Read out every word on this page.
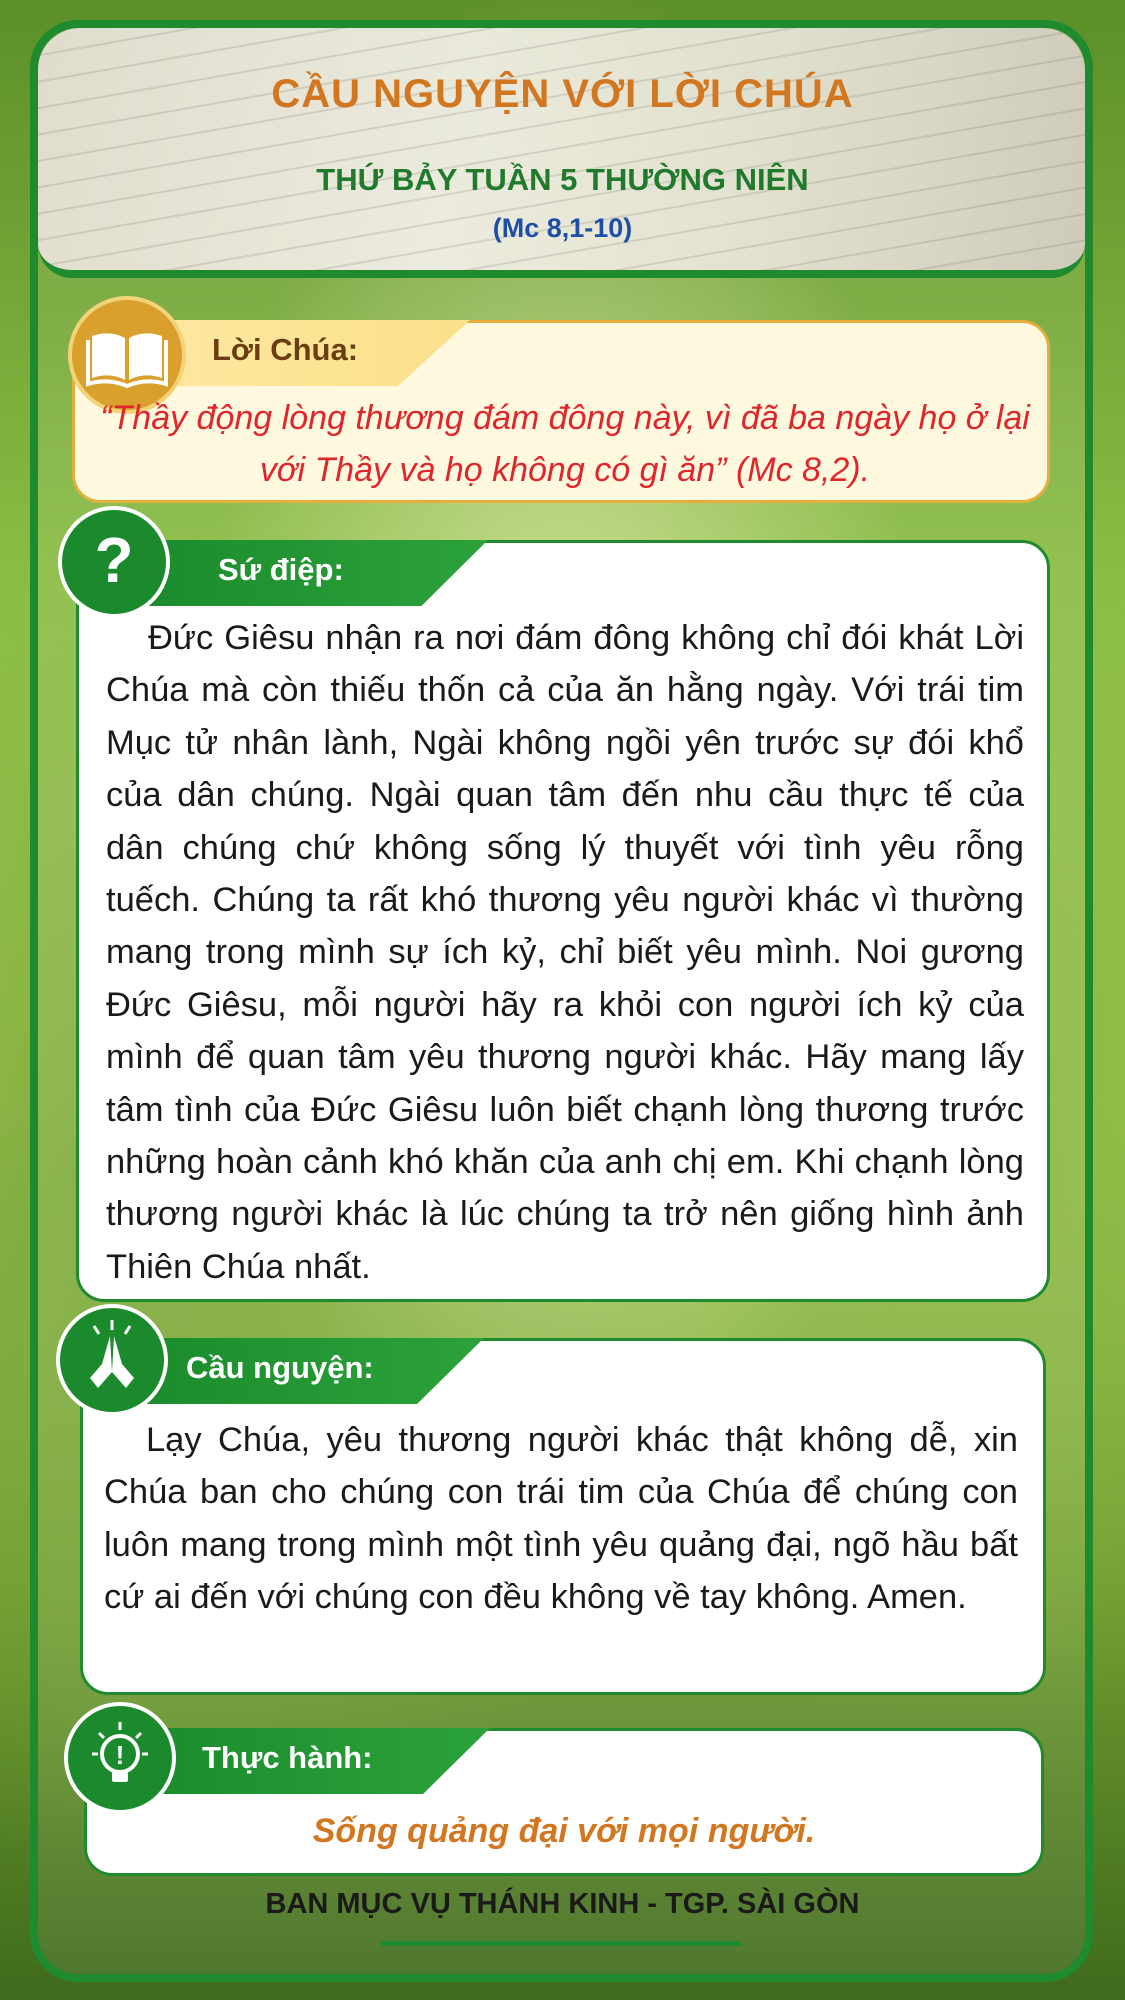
CẦU NGUYỆN VỚI LỜI CHÚA
THỨ BẢY TUẦN 5 THƯỜNG NIÊN
(Mc 8,1-10)
Lời Chúa:
“Thầy động lòng thương đám đông này, vì đã ba ngày họ ở lại với Thầy và họ không có gì ăn” (Mc 8,2).
Sứ điệp:
?
Đức Giêsu nhận ra nơi đám đông không chỉ đói khát Lời Chúa mà còn thiếu thốn cả của ăn hằng ngày. Với trái tim Mục tử nhân lành, Ngài không ngồi yên trước sự đói khổ của dân chúng. Ngài quan tâm đến nhu cầu thực tế của dân chúng chứ không sống lý thuyết với tình yêu rỗng tuếch. Chúng ta rất khó thương yêu người khác vì thường mang trong mình sự ích kỷ, chỉ biết yêu mình. Noi gương Đức Giêsu, mỗi người hãy ra khỏi con người ích kỷ của mình để quan tâm yêu thương người khác. Hãy mang lấy tâm tình của Đức Giêsu luôn biết chạnh lòng thương trước những hoàn cảnh khó khăn của anh chị em. Khi chạnh lòng thương người khác là lúc chúng ta trở nên giống hình ảnh Thiên Chúa nhất.
Cầu nguyện:
Lạy Chúa, yêu thương người khác thật không dễ, xin Chúa ban cho chúng con trái tim của Chúa để chúng con luôn mang trong mình một tình yêu quảng đại, ngõ hầu bất cứ ai đến với chúng con đều không về tay không. Amen.
Thực hành:
!
Sống quảng đại với mọi người.
BAN MỤC VỤ THÁNH KINH - TGP. SÀI GÒN
